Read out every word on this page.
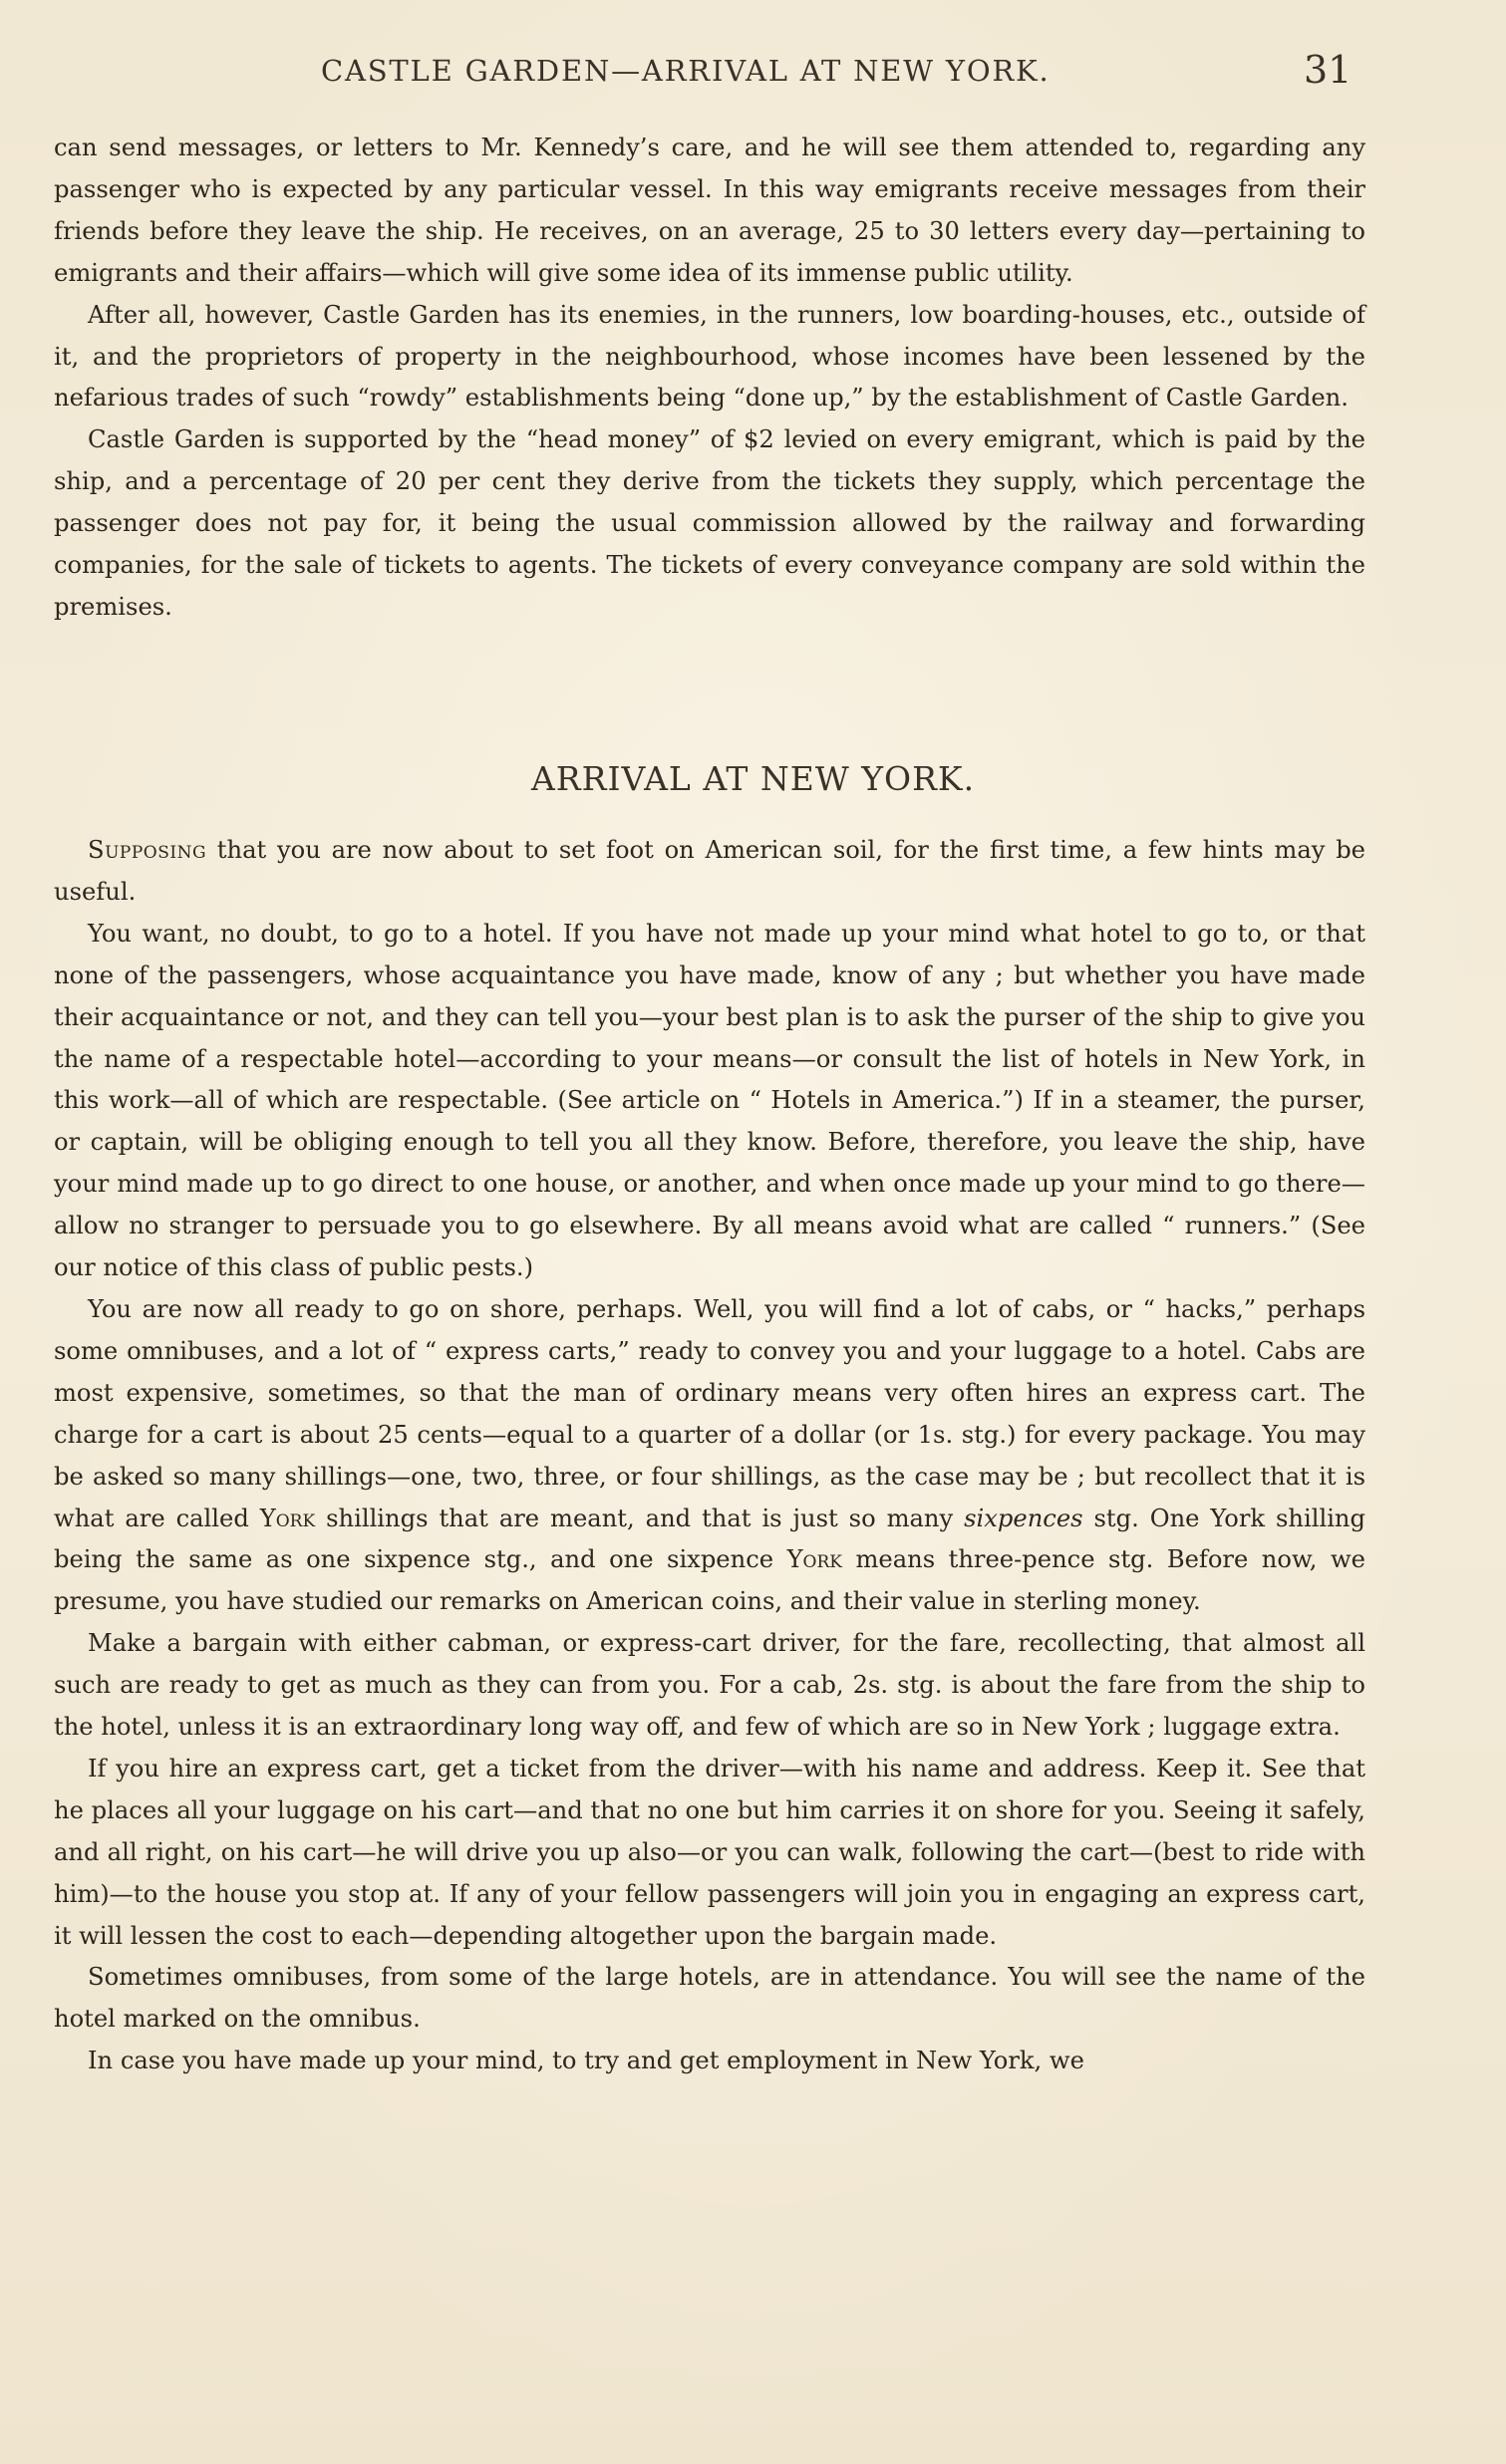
CASTLE GARDEN—ARRIVAL AT NEW YORK.	31

can send messages, or letters to Mr. Kennedy’s care, and he will see them attended to, regarding any passenger who is expected by any particular vessel. In this way emigrants receive messages from their friends before they leave the ship. He receives, on an average, 25 to 30 letters every day—pertaining to emigrants and their affairs—which will give some idea of its immense public utility.

After all, however, Castle Garden has its enemies, in the runners, low boarding-houses, etc., outside of it, and the proprietors of property in the neighbourhood, whose incomes have been lessened by the nefarious trades of such “rowdy” establishments being “done up,” by the establishment of Castle Garden.

Castle Garden is supported by the “head money” of $2 levied on every emigrant, which is paid by the ship, and a percentage of 20 per cent they derive from the tickets they supply, which percentage the passenger does not pay for, it being the usual commission allowed by the railway and forwarding companies, for the sale of tickets to agents. The tickets of every conveyance company are sold within the premises.

ARRIVAL AT NEW YORK.

Supposing that you are now about to set foot on American soil, for the first time, a few hints may be useful.

You want, no doubt, to go to a hotel. If you have not made up your mind what hotel to go to, or that none of the passengers, whose acquaintance you have made, know of any ; but whether you have made their acquaintance or not, and they can tell you—your best plan is to ask the purser of the ship to give you the name of a respectable hotel—according to your means—or consult the list of hotels in New York, in this work—all of which are respectable. (See article on “ Hotels in America.”) If in a steamer, the purser, or captain, will be obliging enough to tell you all they know. Before, therefore, you leave the ship, have your mind made up to go direct to one house, or another, and when once made up your mind to go there—allow no stranger to persuade you to go elsewhere. By all means avoid what are called “ runners.” (See our notice of this class of public pests.)

You are now all ready to go on shore, perhaps. Well, you will find a lot of cabs, or “ hacks,” perhaps some omnibuses, and a lot of “ express carts,” ready to convey you and your luggage to a hotel. Cabs are most expensive, sometimes, so that the man of ordinary means very often hires an express cart. The charge for a cart is about 25 cents—equal to a quarter of a dollar (or 1s. stg.) for every package. You may be asked so many shillings—one, two, three, or four shillings, as the case may be ; but recollect that it is what are called York shillings that are meant, and that is just so many sixpences stg. One York shilling being the same as one sixpence stg., and one sixpence York means three-pence stg. Before now, we presume, you have studied our remarks on American coins, and their value in sterling money.

Make a bargain with either cabman, or express-cart driver, for the fare, recollecting, that almost all such are ready to get as much as they can from you. For a cab, 2s. stg. is about the fare from the ship to the hotel, unless it is an extraordinary long way off, and few of which are so in New York ; luggage extra.

If you hire an express cart, get a ticket from the driver—with his name and address. Keep it. See that he places all your luggage on his cart—and that no one but him carries it on shore for you. Seeing it safely, and all right, on his cart—he will drive you up also—or you can walk, following the cart—(best to ride with him)—to the house you stop at. If any of your fellow passengers will join you in engaging an express cart, it will lessen the cost to each—depending altogether upon the bargain made.

Sometimes omnibuses, from some of the large hotels, are in attendance. You will see the name of the hotel marked on the omnibus.

In case you have made up your mind, to try and get employment in New York, we
